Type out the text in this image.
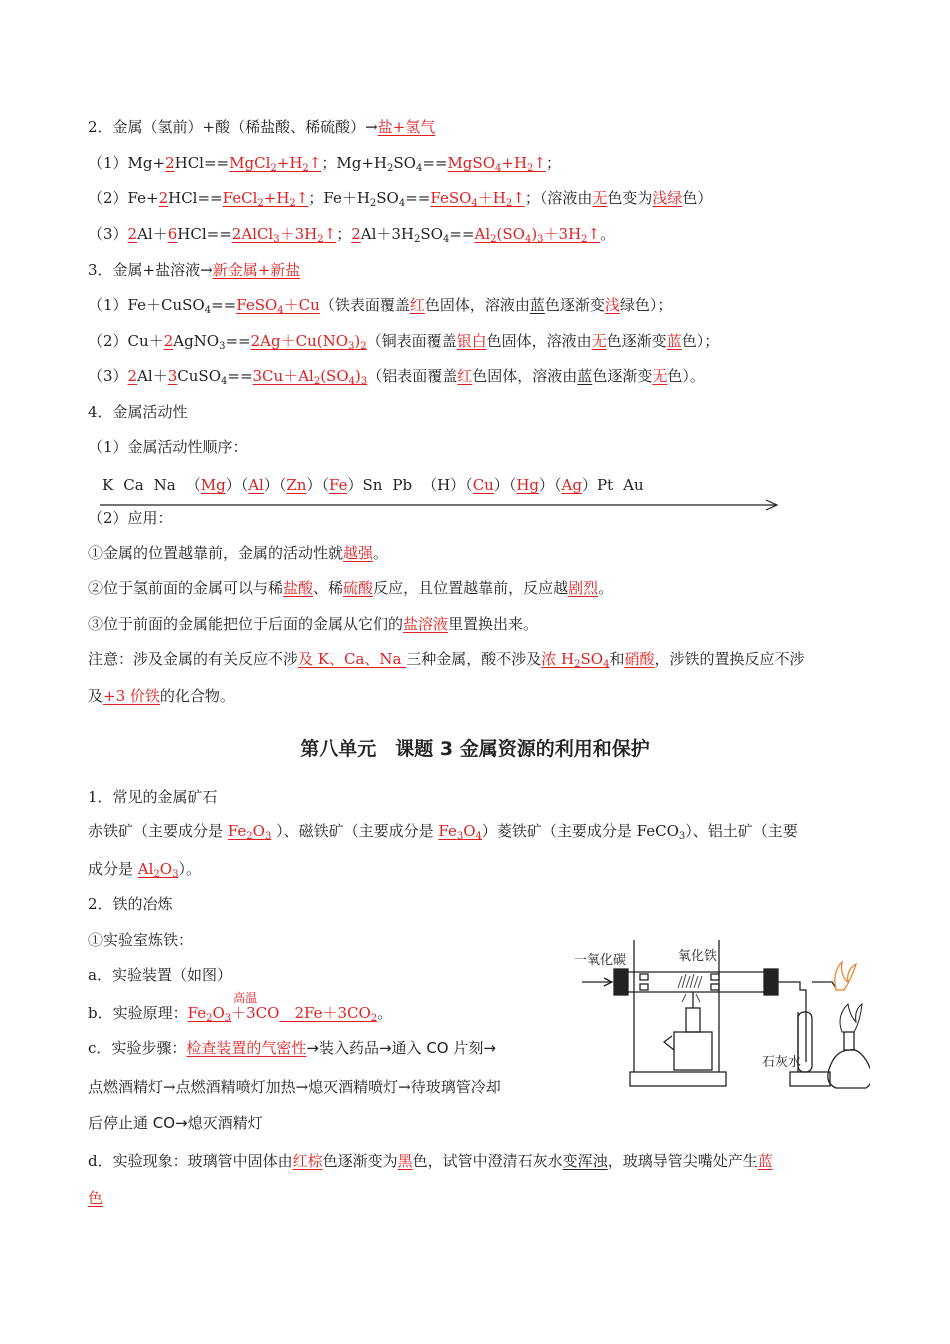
2．金属（氢前）+酸（稀盐酸、稀硫酸）→盐+氢气
$(1)Mg+2HCl==MgCl_2+H_2↑$；$Mg+H_2SO_4==MgSO_4+H_2↑$；
$(2)Fe+2HCl==FeCl_2+H_2↑$；$Fe+H_2SO_4==FeSO_4+H_2↑$；（溶液由无色变为浅绿色）
$(3)2Al+6HCl==2AlCl_3+3H_2↑$；$2Al+3H_2SO_4==Al_2(SO_4)_3+3H_2↑$。
3．金属+盐溶液→新金属+新盐
（1）Fe＋CuSO$_4$==FeSO$_4$＋Cu（铁表面覆盖红色固体，溶液由蓝色逐渐变浅绿色）；
$(2)Cu+2AgNO_3==2Ag+Cu(NO_3)_2$（铜表面覆盖银白色固体，溶液由无色逐渐变蓝色）；
$(3)2Al+3CuSO_4==3Cu+Al_2(SO_4)_3$（铝表面覆盖红色固体，溶液由蓝色逐渐变无色）。
4．金属活动性
（1）金属活动性顺序：
K Ca Na （Mg）（Al）（Zn）（Fe）Sn Pb （H）（Cu）（Hg）（Ag）Pt Au
（2）应用：
①金属的位置越靠前，金属的活动性就越强。
②位于氢前面的金属可以与稀盐酸、稀硫酸反应，且位置越靠前，反应越剧烈。
③位于前面的金属能把位于后面的金属从它们的盐溶液里置换出来。
注意：涉及金属的有关反应不涉及 K、Ca、Na 三种金属，酸不涉及浓 $H_2SO_4$和硝酸，涉铁的置换反应不涉
及+3 价铁的化合物。
第八单元　课题 3 金属资源的利用和保护
1．常见的金属矿石
赤铁矿（主要成分是 $Fe_2O_3$ ）、磁铁矿（主要成分是 $Fe_3O_4$）菱铁矿（主要成分是 FeCO$_3$）、铝土矿（主要
成分是 $Al_2O_3$）。
2．铁的冶炼
①实验室炼铁：
a．实验装置（如图）
b．实验原理：$Fe_2O_3+3CO$
高温
　$2Fe+3CO_2$。
c．实验步骤：检查装置的气密性→装入药品→通入 CO 片刻→
点燃酒精灯→点燃酒精喷灯加热→熄灭酒精喷灯→待玻璃管冷却
后停止通 CO→熄灭酒精灯
d．实验现象：玻璃管中固体由红棕色逐渐变为黑色，试管中澄清石灰水变浑浊，玻璃导管尖嘴处产生蓝
色
一氧化碳	氧化铁
石灰水
